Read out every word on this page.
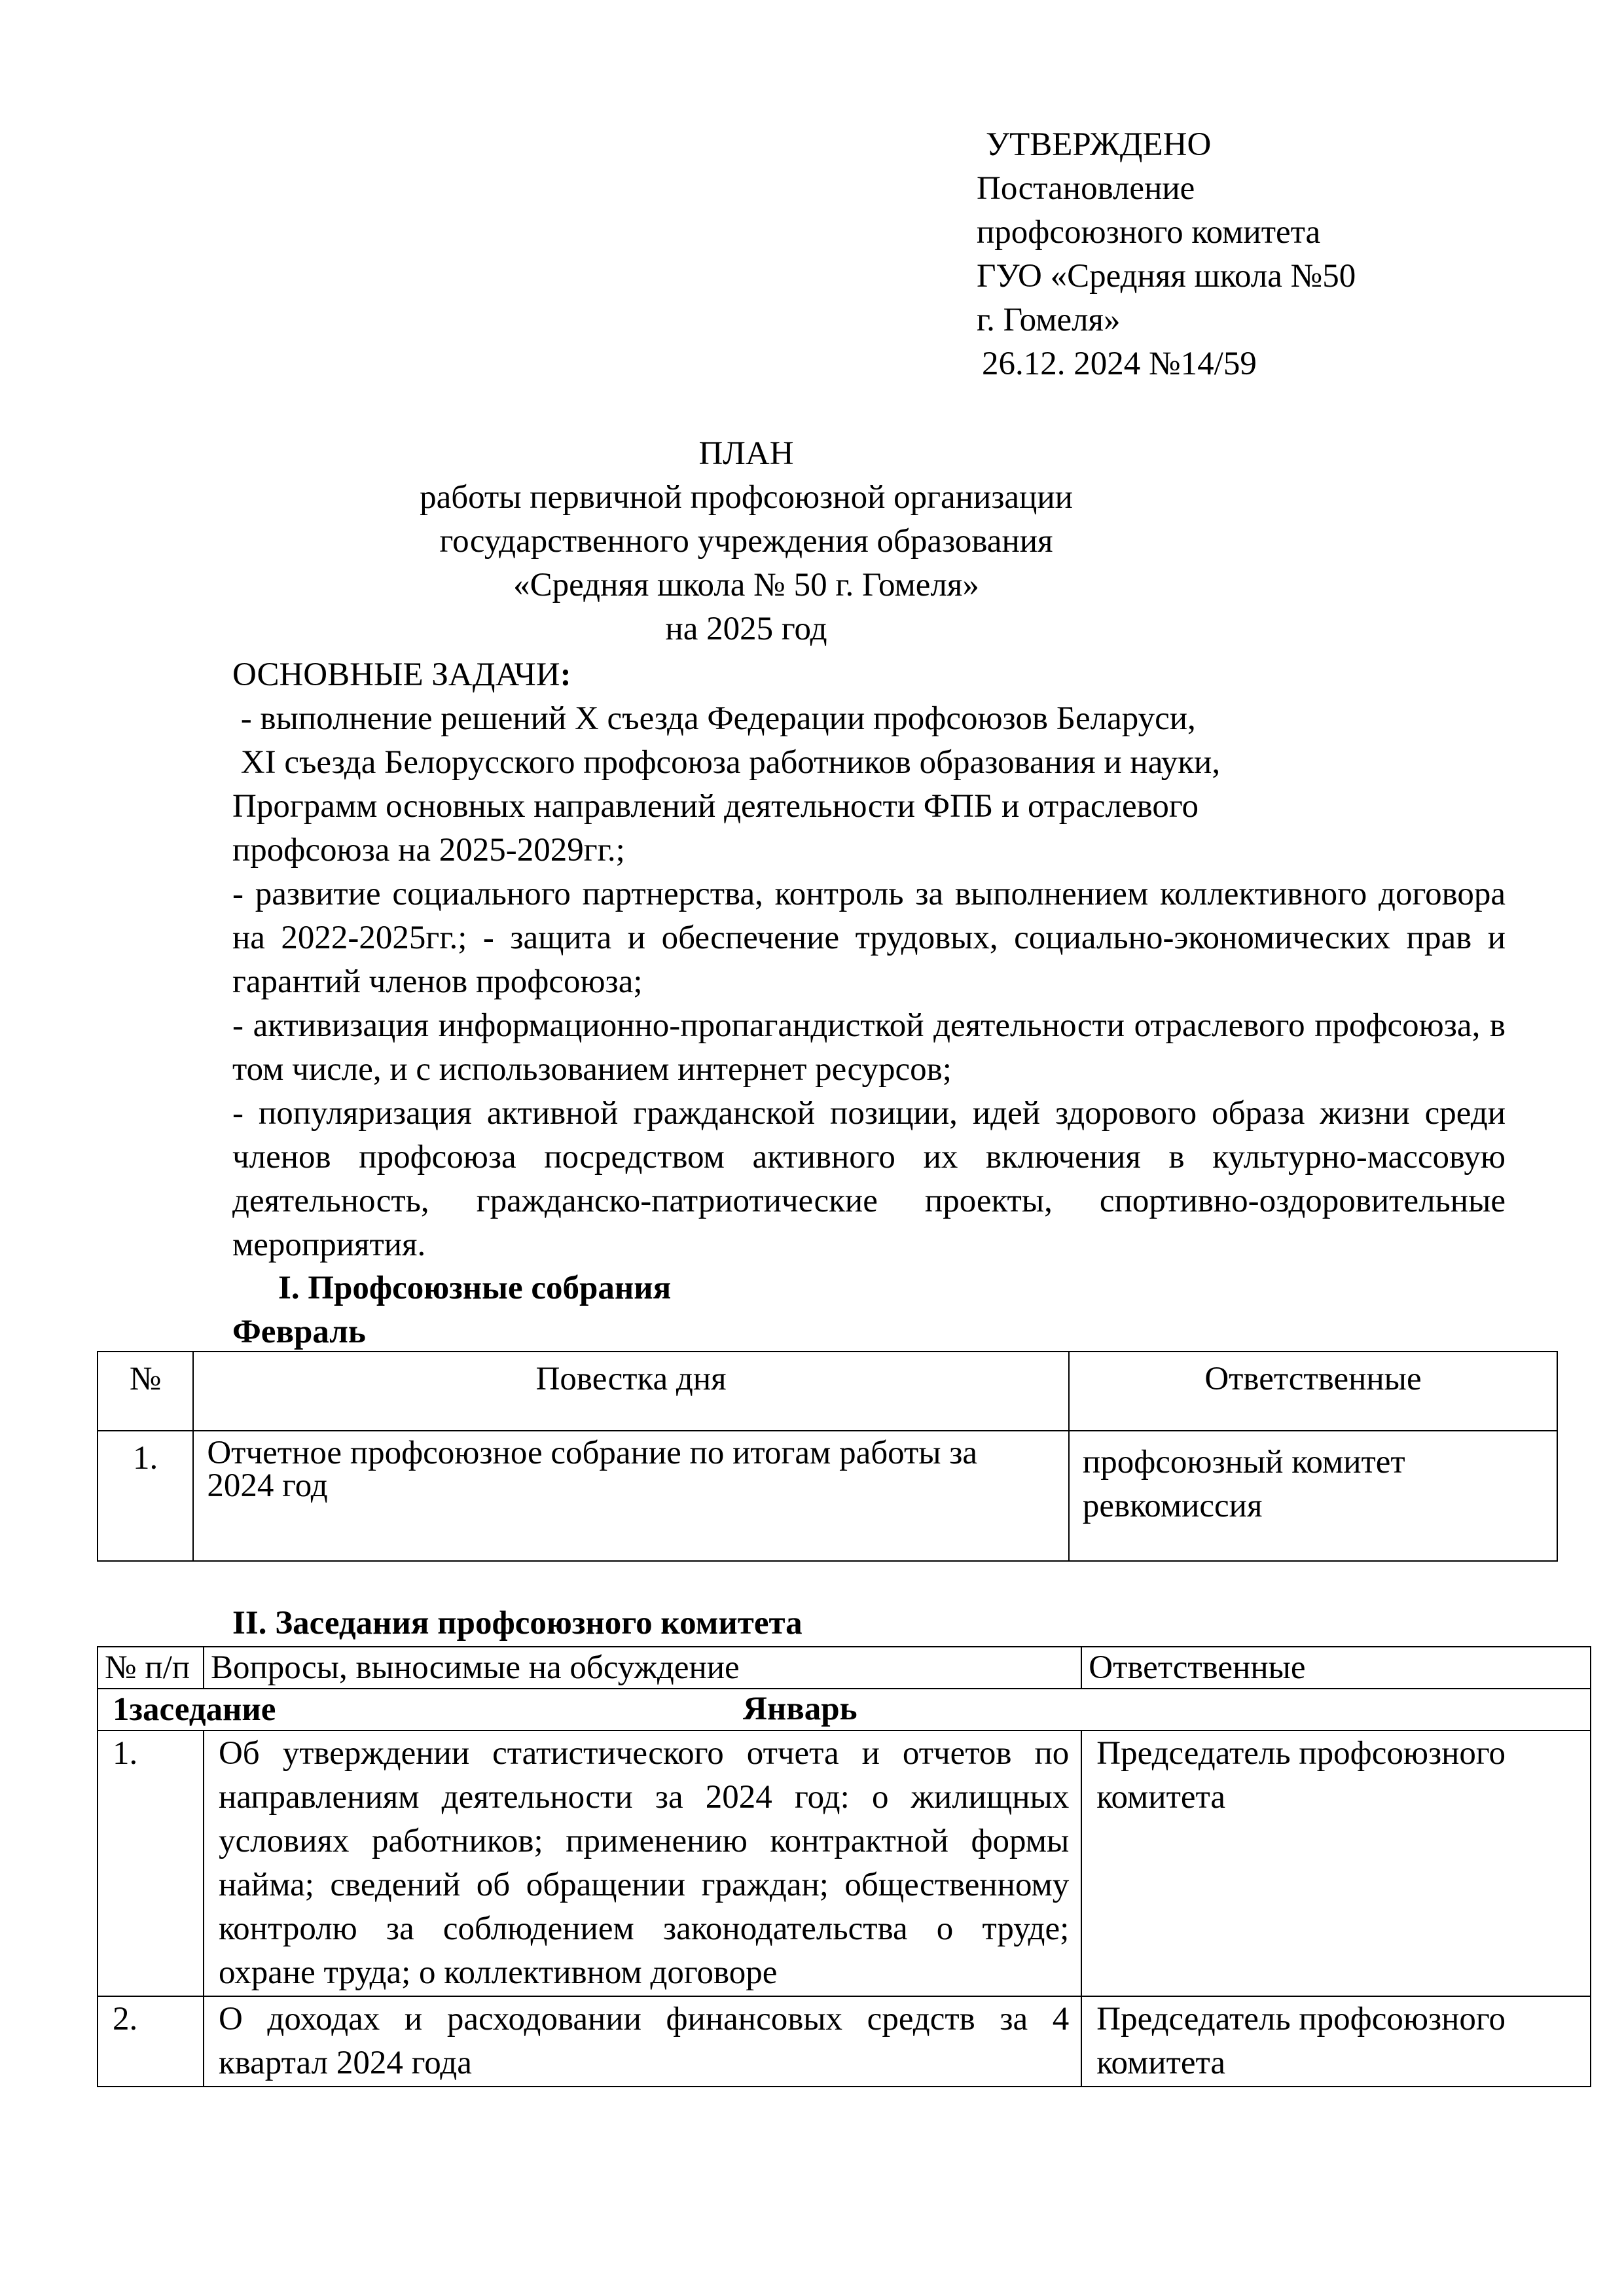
УТВЕРЖДЕНО
Постановление
профсоюзного комитета
ГУО «Средняя школа №50
г. Гомеля»
26.12. 2024 №14/59
ПЛАН
работы первичной профсоюзной организации
государственного учреждения образования
«Средняя школа № 50 г. Гомеля»
на 2025 год
ОСНОВНЫЕ ЗАДАЧИ:
- выполнение решений X съезда Федерации профсоюзов Беларуси,
XI съезда Белорусского профсоюза работников образования и науки,
Программ основных направлений деятельности ФПБ и отраслевого профсоюза на 2025-2029гг.;
- развитие социального партнерства, контроль за выполнением коллективного договора на 2022-2025гг.; - защита и обеспечение трудовых, социально-экономических прав и гарантий членов профсоюза;
- активизация информационно-пропагандисткой деятельности отраслевого профсоюза, в том числе, и с использованием интернет ресурсов;
- популяризация активной гражданской позиции, идей здорового образа жизни среди членов профсоюза посредством активного их включения в культурно-массовую деятельность, гражданско-патриотические проекты, спортивно-оздоровительные мероприятия.
I. Профсоюзные собрания
Февраль
№	Повестка дня	Ответственные
1.	Отчетное профсоюзное собрание по итогам работы за 2024 год	профсоюзный комитет
ревкомиссия
II. Заседания профсоюзного комитета
№ п/п	Вопросы, выносимые на обсуждение	Ответственные
1заседание Январь		

1.	Об утверждении статистического отчета и отчетов по направлениям деятельности за 2024 год: о жилищных условиях работников; применению контрактной формы найма; сведений об обращении граждан; общественному контролю за соблюдением законодательства о труде; охране труда; о коллективном договоре	Председатель профсоюзного комитета
2.	О доходах и расходовании финансовых средств за 4 квартал 2024 года	Председатель профсоюзного комитета
